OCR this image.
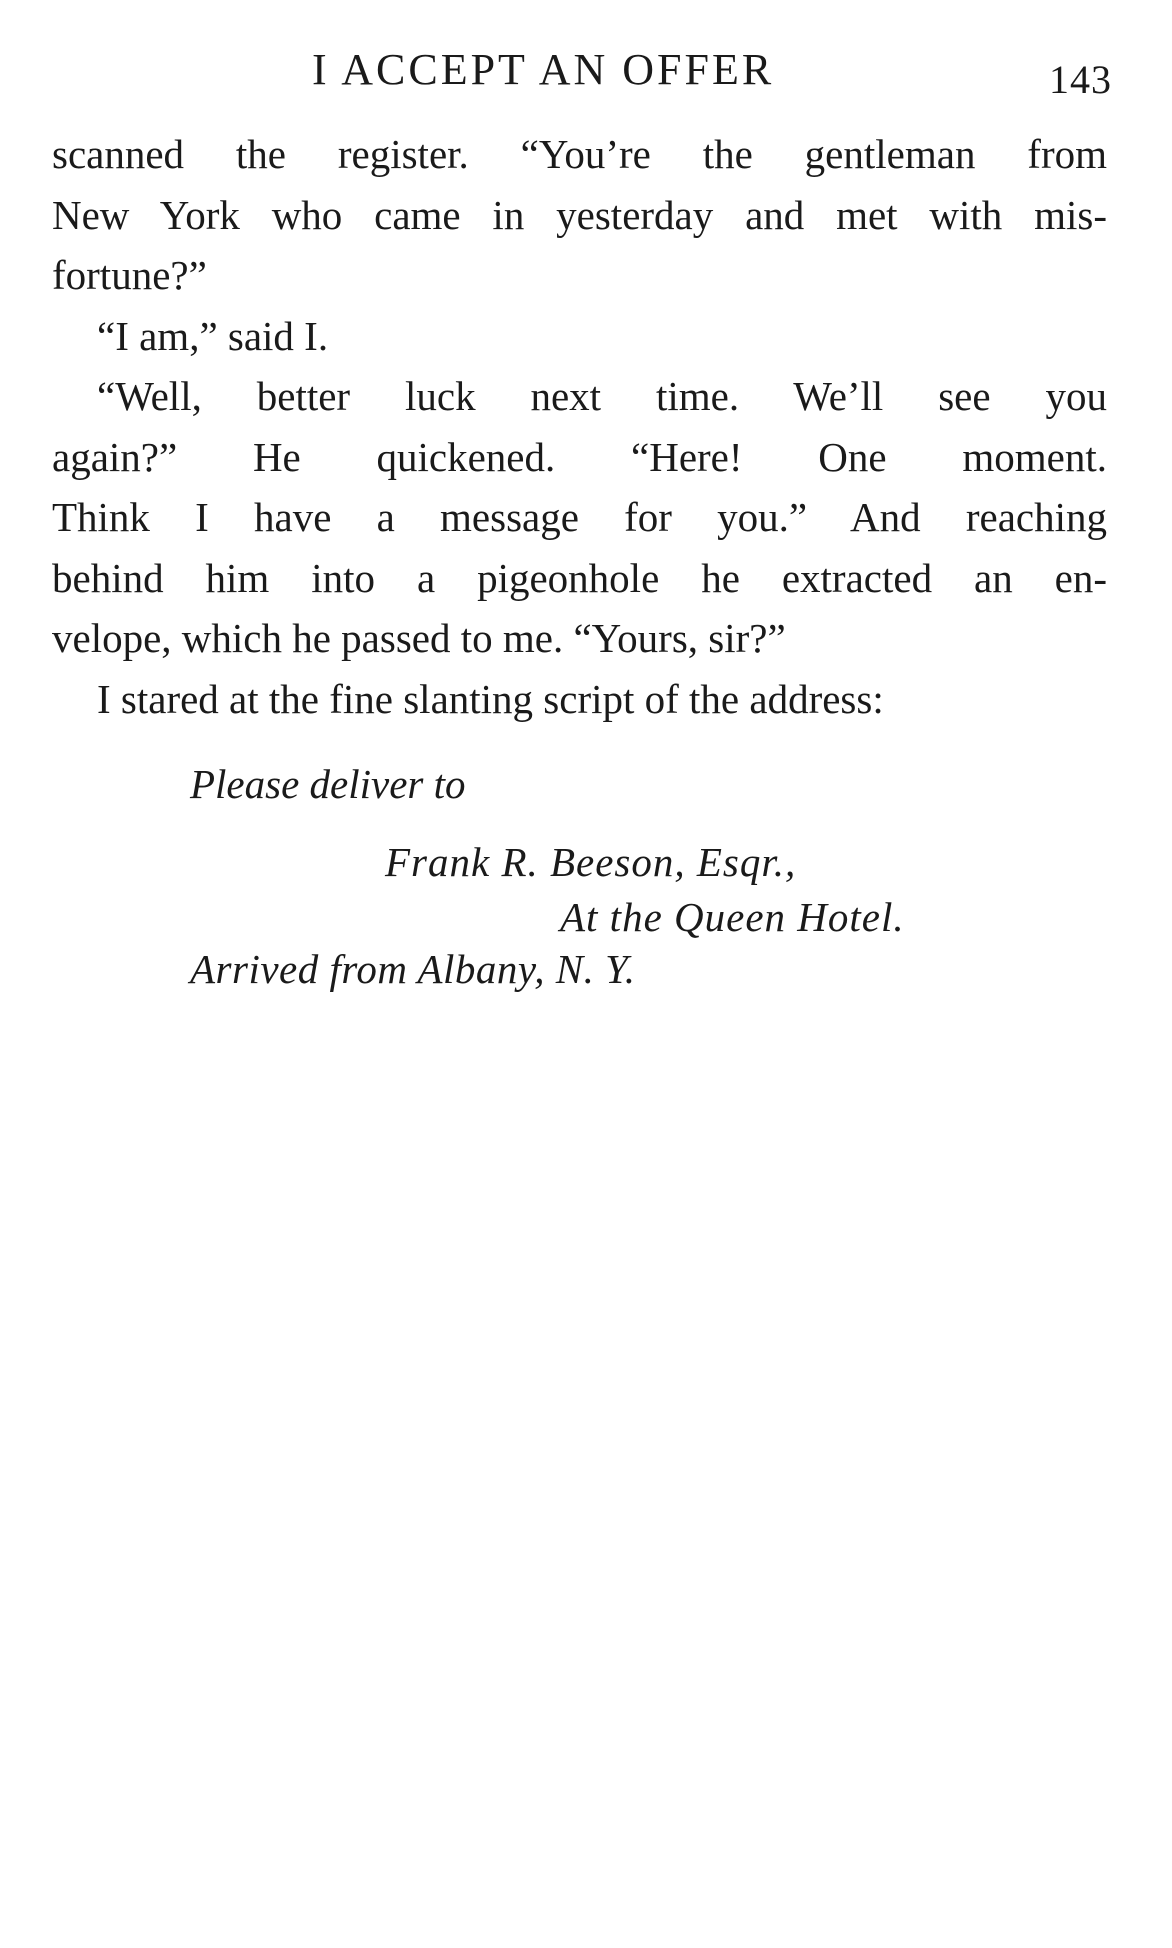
I ACCEPT AN OFFER	143
scanned the register. “You’re the gentleman from
New York who came in yesterday and met with mis-
fortune?”
“I am,” said I.
“Well, better luck next time. We’ll see you
again?” He quickened. “Here! One moment.
Think I have a message for you.” And reaching
behind him into a pigeonhole he extracted an en-
velope, which he passed to me. “Yours, sir?”
I stared at the fine slanting script of the address:
Please deliver to
Frank R. Beeson, Esqr.,
At the Queen Hotel.
Arrived from Albany, N. Y.
